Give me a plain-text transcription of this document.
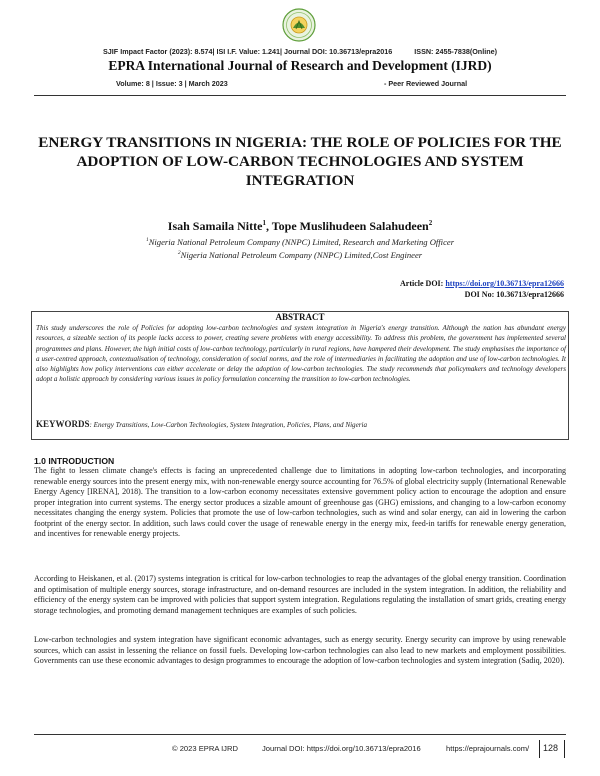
SJIF Impact Factor (2023): 8.574| ISI I.F. Value: 1.241| Journal DOI: 10.36713/epra2016	ISSN: 2455-7838(Online)
EPRA International Journal of Research and Development (IJRD)
Volume: 8 | Issue: 3 | March 2023	- Peer Reviewed Journal
ENERGY TRANSITIONS IN NIGERIA: THE ROLE OF POLICIES FOR THE ADOPTION OF LOW-CARBON TECHNOLOGIES AND SYSTEM INTEGRATION
Isah Samaila Nitte$^1$, Tope Muslihudeen Salahudeen$^2$
$^1$Nigeria National Petroleum Company (NNPC) Limited, Research and Marketing Officer
$^2$Nigeria National Petroleum Company (NNPC) Limited,Cost Engineer
Article DOI: https://doi.org/10.36713/epra12666
DOI No: 10.36713/epra12666
ABSTRACT
This study underscores the role of Policies for adopting low-carbon technologies and system integration in Nigeria's energy transition. Although the nation has abundant energy resources, a sizeable section of its people lacks access to power, creating severe problems with energy accessibility. To address this problem, the government has implemented several programmes and plans. However, the high initial costs of low-carbon technology, particularly in rural regions, have hampered their development. The study emphasises the importance of a user-centred approach, contextualisation of technology, consideration of social norms, and the role of intermediaries in facilitating the adoption and use of low-carbon technologies. It also highlights how policy interventions can either accelerate or delay the adoption of low-carbon technologies. The study recommends that policymakers and technology developers adopt a holistic approach by considering various issues in policy formulation concerning the transition to low-carbon technologies.
KEYWORDS: Energy Transitions, Low-Carbon Technologies, System Integration, Policies, Plans, and Nigeria
1.0 INTRODUCTION
The fight to lessen climate change's effects is facing an unprecedented challenge due to limitations in adopting low-carbon technologies, and incorporating renewable energy sources into the present energy mix, with non-renewable energy source accounting for 76.5% of global electricity supply (International Renewable Energy Agency [IRENA], 2018). The transition to a low-carbon economy necessitates extensive government policy action to encourage the adoption and ensure proper integration into current systems. The energy sector produces a sizable amount of greenhouse gas (GHG) emissions, and changing to a low-carbon economy necessitates changing the energy system. Policies that promote the use of low-carbon technologies, such as wind and solar energy, can aid in lowering the carbon footprint of the energy sector. In addition, such laws could cover the usage of renewable energy in the energy mix, feed-in tariffs for renewable energy generation, and incentives for renewable energy projects.
According to Heiskanen, et al. (2017) systems integration is critical for low-carbon technologies to reap the advantages of the global energy transition. Coordination and optimisation of multiple energy sources, storage infrastructure, and on-demand resources are included in the system integration. In addition, the reliability and efficiency of the energy system can be improved with policies that support system integration. Regulations regulating the installation of smart grids, creating energy storage technologies, and promoting demand management techniques are examples of such policies.
Low-carbon technologies and system integration have significant economic advantages, such as energy security. Energy security can improve by using renewable sources, which can assist in lessening the reliance on fossil fuels. Developing low-carbon technologies can also lead to new markets and employment possibilities. Governments can use these economic advantages to design programmes to encourage the adoption of low-carbon technologies and system integration (Sadiq, 2020).
© 2023 EPRA IJRD	Journal DOI: https://doi.org/10.36713/epra2016	https://eprajournals.com/ 128
